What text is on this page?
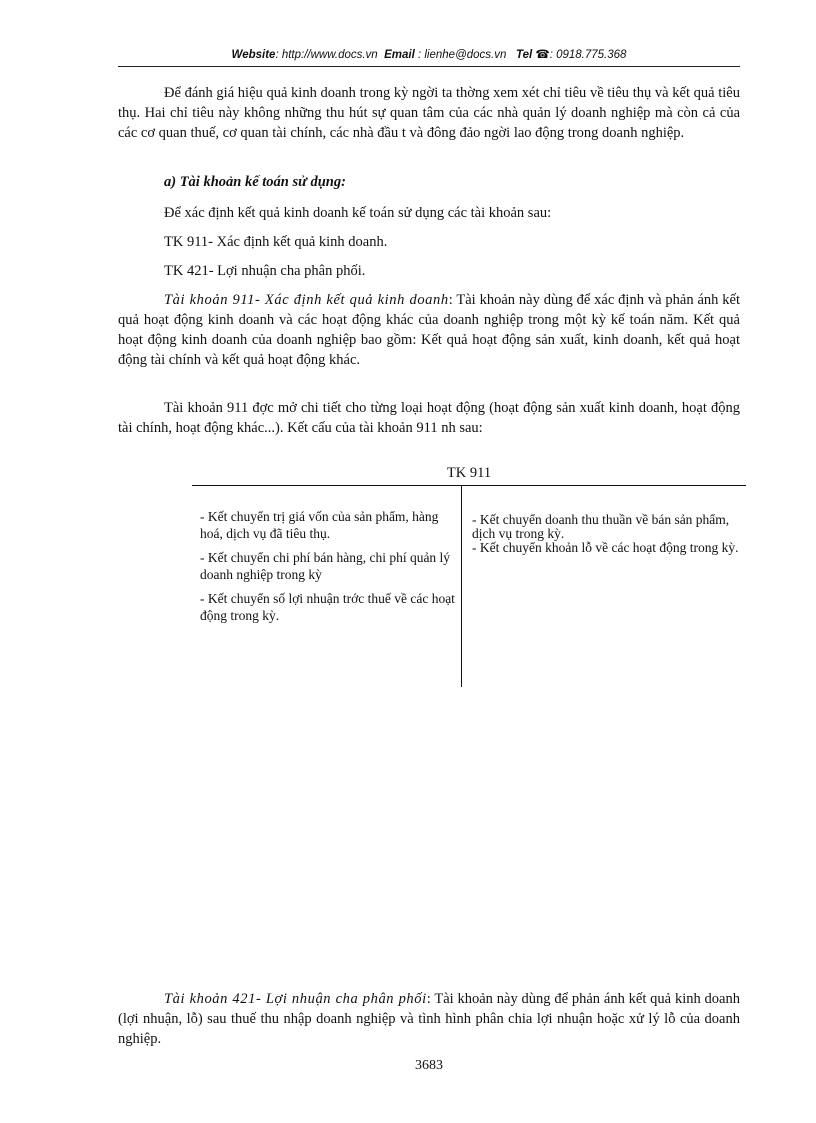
Website: http://www.docs.vn Email : lienhe@docs.vn Tel ☎: 0918.775.368

Để đánh giá hiệu quả kinh doanh trong kỳ ngời ta thờng xem xét chỉ tiêu về tiêu thụ và kết quả tiêu thụ. Hai chỉ tiêu này không những thu hút sự quan tâm của các nhà quản lý doanh nghiệp mà còn cả của các cơ quan thuế, cơ quan tài chính, các nhà đầu t và đông đảo ngời lao động trong doanh nghiệp.

a) Tài khoản kế toán sử dụng:

Để xác định kết quả kinh doanh kế toán sử dụng các tài khoản sau:

TK 911- Xác định kết quả kinh doanh.

TK 421- Lợi nhuận cha phân phối.

Tài khoản 911- Xác định kết quả kinh doanh: Tài khoản này dùng để xác định và phản ánh kết quả hoạt động kinh doanh và các hoạt động khác của doanh nghiệp trong một kỳ kế toán năm. Kết quả hoạt động kinh doanh của doanh nghiệp bao gồm: Kết quả hoạt động sản xuất, kinh doanh, kết quả hoạt động tài chính và kết quả hoạt động khác.

Tài khoản 911 đợc mở chi tiết cho từng loại hoạt động (hoạt động sản xuất kinh doanh, hoạt động tài chính, hoạt động khác...). Kết cấu của tài khoản 911 nh sau:

TK 911

- Kết chuyển trị giá vốn của sản phẩm, hàng hoá, dịch vụ đã tiêu thụ.

- Kết chuyển chi phí bán hàng, chi phí quản lý doanh nghiệp trong kỳ

- Kết chuyển số lợi nhuận trớc thuế về các hoạt động trong kỳ.

- Kết chuyển doanh thu thuần về bán sản phẩm, dịch vụ trong kỳ.

- Kết chuyển khoản lỗ về các hoạt động trong kỳ.

Tài khoản 421- Lợi nhuận cha phân phối: Tài khoản này dùng để phản ánh kết quả kinh doanh (lợi nhuận, lỗ) sau thuế thu nhập doanh nghiệp và tình hình phân chia lợi nhuận hoặc xử lý lỗ của doanh nghiệp.

3683
